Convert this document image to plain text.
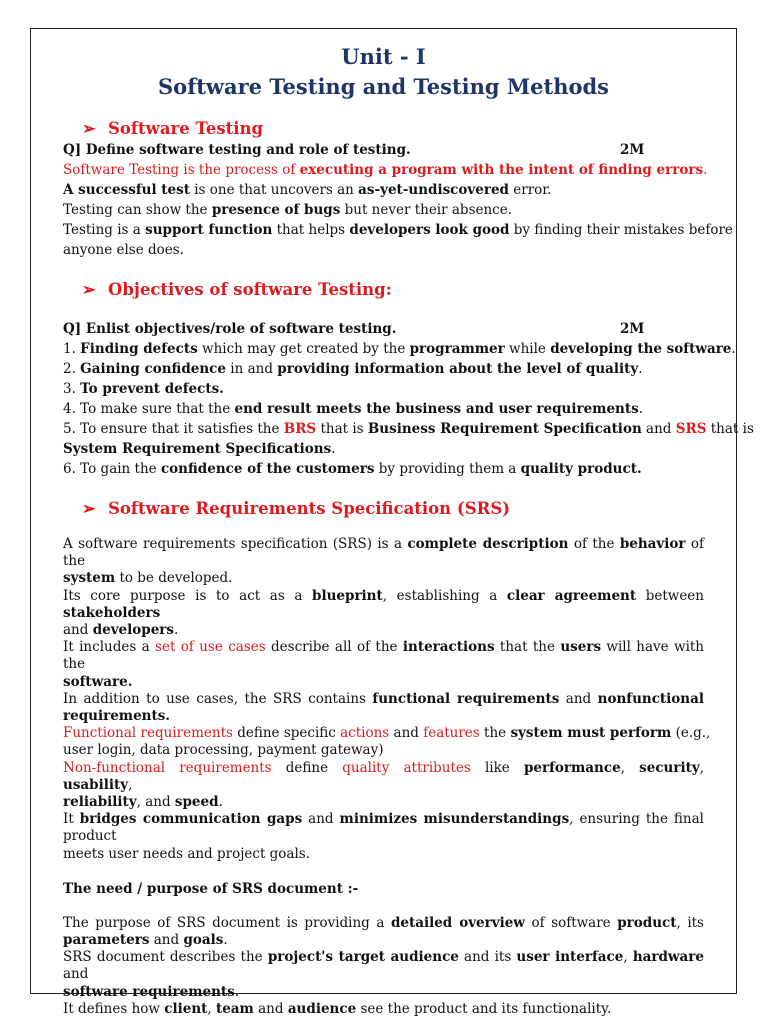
Unit - I
Software Testing and Testing Methods
➢ Software Testing
Q] Define software testing and role of testing.	2M
Software Testing is the process of executing a program with the intent of finding errors.
A successful test is one that uncovers an as-yet-undiscovered error.
Testing can show the presence of bugs but never their absence.
Testing is a support function that helps developers look good by finding their mistakes before
anyone else does.
➢ Objectives of software Testing:
Q] Enlist objectives/role of software testing.	2M
1. Finding defects which may get created by the programmer while developing the software.
2. Gaining confidence in and providing information about the level of quality.
3. To prevent defects.
4. To make sure that the end result meets the business and user requirements.
5. To ensure that it satisfies the BRS that is Business Requirement Specification and SRS that is
System Requirement Specifications.
6. To gain the confidence of the customers by providing them a quality product.
➢ Software Requirements Specification (SRS)
A software requirements specification (SRS) is a complete description of the behavior of the
system to be developed.
Its core purpose is to act as a blueprint, establishing a clear agreement between stakeholders
and developers.
It includes a set of use cases describe all of the interactions that the users will have with the
software.
In addition to use cases, the SRS contains functional requirements and nonfunctional
requirements.
Functional requirements define specific actions and features the system must perform (e.g.,
user login, data processing, payment gateway)
Non-functional requirements define quality attributes like performance, security, usability,
reliability, and speed.
It bridges communication gaps and minimizes misunderstandings, ensuring the final product
meets user needs and project goals.
The need / purpose of SRS document :-
The purpose of SRS document is providing a detailed overview of software product, its
parameters and goals.
SRS document describes the project's target audience and its user interface, hardware and
software requirements.
It defines how client, team and audience see the product and its functionality.
